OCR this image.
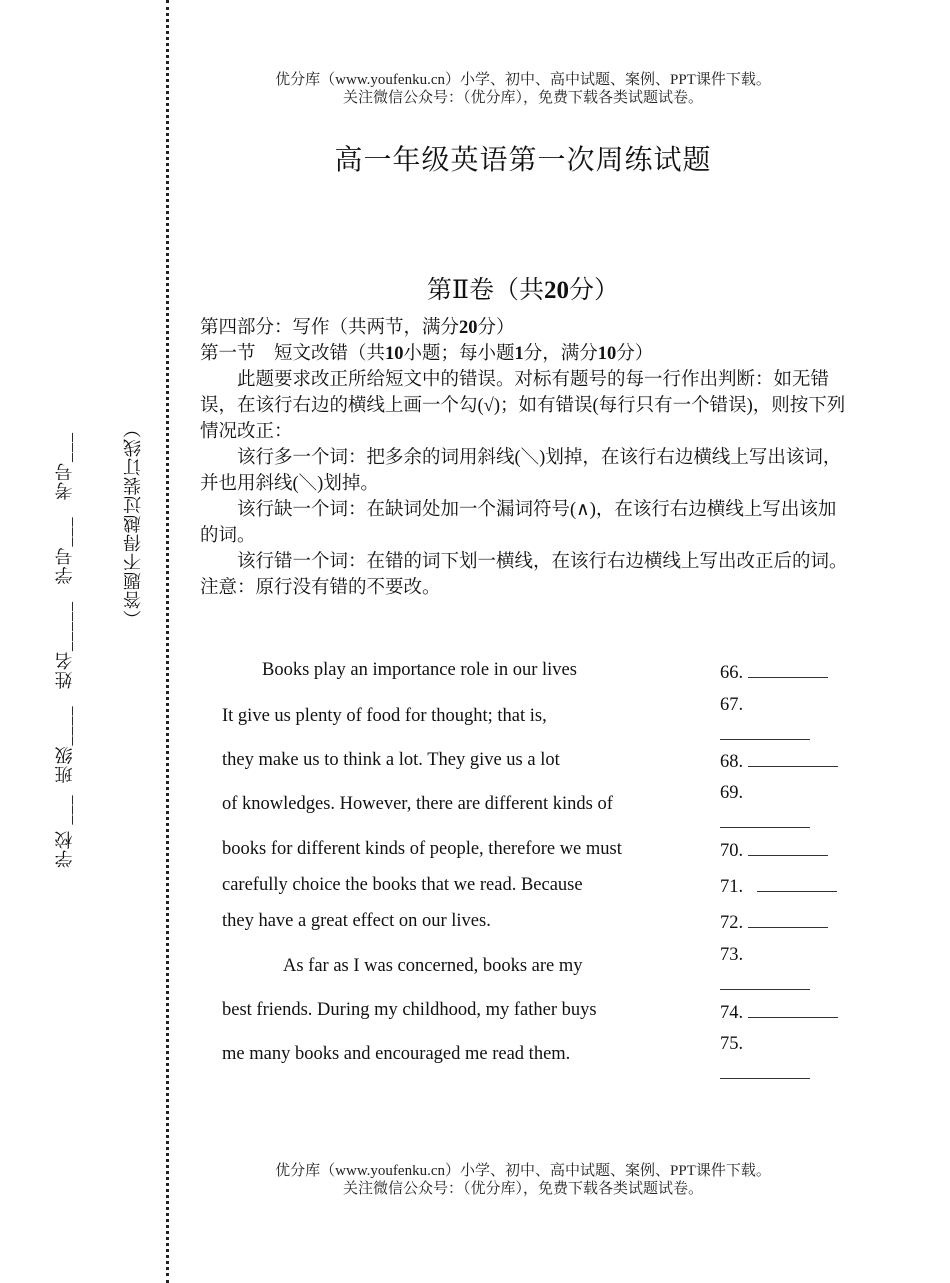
学校 ___  班级____   姓名_____   学号___   考号___	（答题不得越过装订线）
优分库（www.youfenku.cn）小学、初中、高中试题、案例、PPT课件下载。
关注微信公众号：（优分库），免费下载各类试题试卷。
高一年级英语第一次周练试题
第Ⅱ卷（共20分）

第四部分：写作（共两节，满分20分）

第一节　短文改错（共10小题；每小题1分，满分10分）

此题要求改正所给短文中的错误。对标有题号的每一行作出判断：如无错误，在该行右边的横线上画一个勾(√)；如有错误(每行只有一个错误)，则按下列情况改正：

该行多一个词：把多余的词用斜线(＼)划掉，在该行右边横线上写出该词，并也用斜线(＼)划掉。

该行缺一个词：在缺词处加一个漏词符号(∧)，在该行右边横线上写出该加的词。

该行错一个词：在错的词下划一横线，在该行右边横线上写出改正后的词。

注意：原行没有错的不要改。

Books play an importance role in our lives
It give us plenty of food for thought; that is,
they make us to think a lot. They give us a lot
of knowledges. However, there are different kinds of
books for different kinds of people, therefore we must
carefully choice the books that we read. Because
they have a great effect on our lives.
As far as I was concerned, books are my
best friends. During my childhood, my father buys
me many books and encouraged me read them.
66.
67.

68.
69.

70.
71.
72.
73.

74.
75.

优分库（www.youfenku.cn）小学、初中、高中试题、案例、PPT课件下载。
关注微信公众号：（优分库），免费下载各类试题试卷。
